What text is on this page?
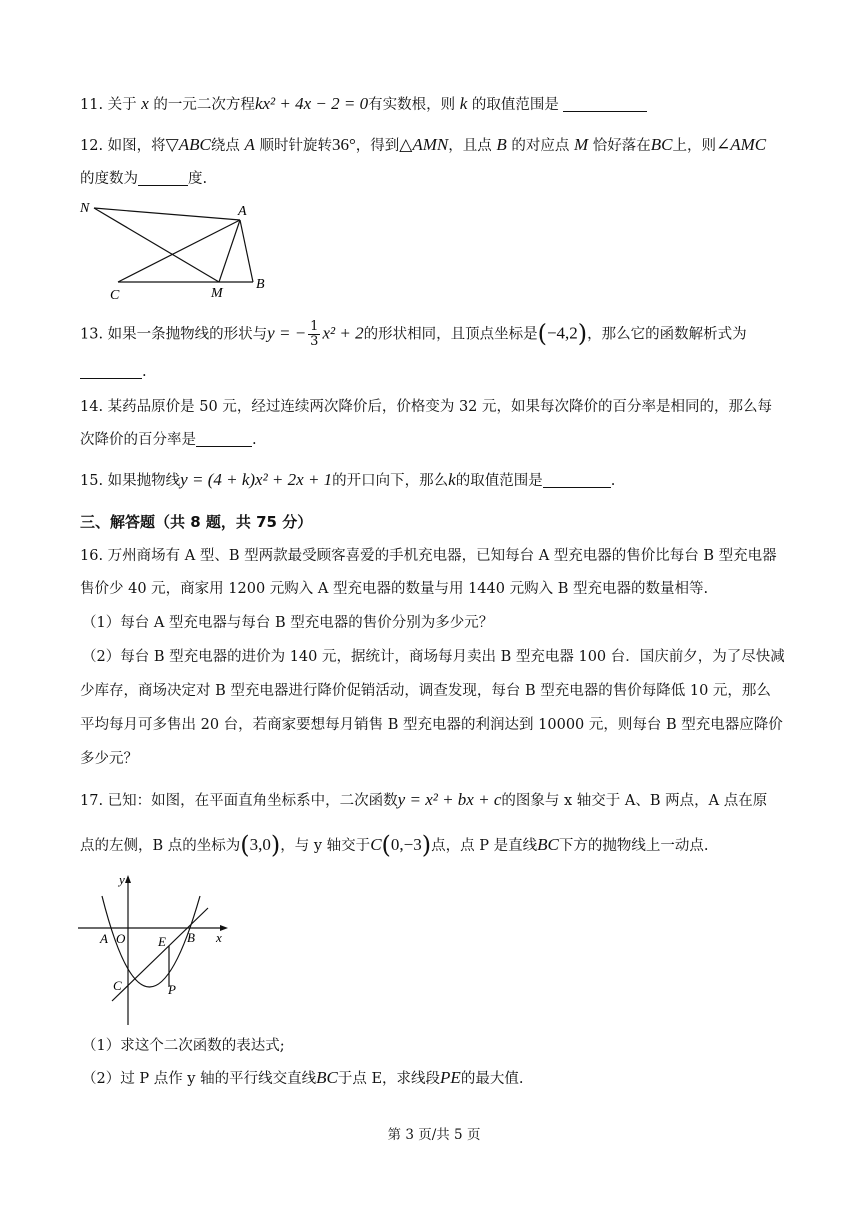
11. 关于 x 的一元二次方程kx² + 4x − 2 = 0有实数根，则 k 的取值范围是
12. 如图，将▽ABC绕点 A 顺时针旋转36°，得到△AMN，且点 B 的对应点 M 恰好落在BC上，则∠AMC
的度数为	度.
N	A
C	M
B
13. 如果一条抛物线的形状与y = − $\frac{1}{3} x^2 + 2$的形状相同，且顶点坐标是(−4,2)，那么它的函数解析式为
.
14. 某药品原价是 50 元，经过连续两次降价后，价格变为 32 元，如果每次降价的百分率是相同的，那么每
次降价的百分率是	.
15. 如果抛物线y = (4 + k)x² + 2x + 1的开口向下，那么k的取值范围是	.
三、解答题（共 8 题，共 75 分）
16. 万州商场有 A 型、B 型两款最受顾客喜爱的手机充电器，已知每台 A 型充电器的售价比每台 B 型充电器
售价少 40 元，商家用 1200 元购入 A 型充电器的数量与用 1440 元购入 B 型充电器的数量相等.
（1）每台 A 型充电器与每台 B 型充电器的售价分别为多少元？
（2）每台 B 型充电器的进价为 140 元，据统计，商场每月卖出 B 型充电器 100 台．国庆前夕，为了尽快减
少库存，商场决定对 B 型充电器进行降价促销活动，调查发现，每台 B 型充电器的售价每降低 10 元，那么
平均每月可多售出 20 台，若商家要想每月销售 B 型充电器的利润达到 10000 元，则每台 B 型充电器应降价
多少元？
17. 已知：如图，在平面直角坐标系中，二次函数y = x² + bx + c的图象与 x 轴交于 A、B 两点，A 点在原
点的左侧，B 点的坐标为(3,0)，与 y 轴交于C(0,−3)点，点 P 是直线BC下方的抛物线上一动点.
y
x
A O	E B
C	P
（1）求这个二次函数的表达式;
（2）过 P 点作 y 轴的平行线交直线BC于点 E，求线段PE的最大值.
第 3 页/共 5 页
